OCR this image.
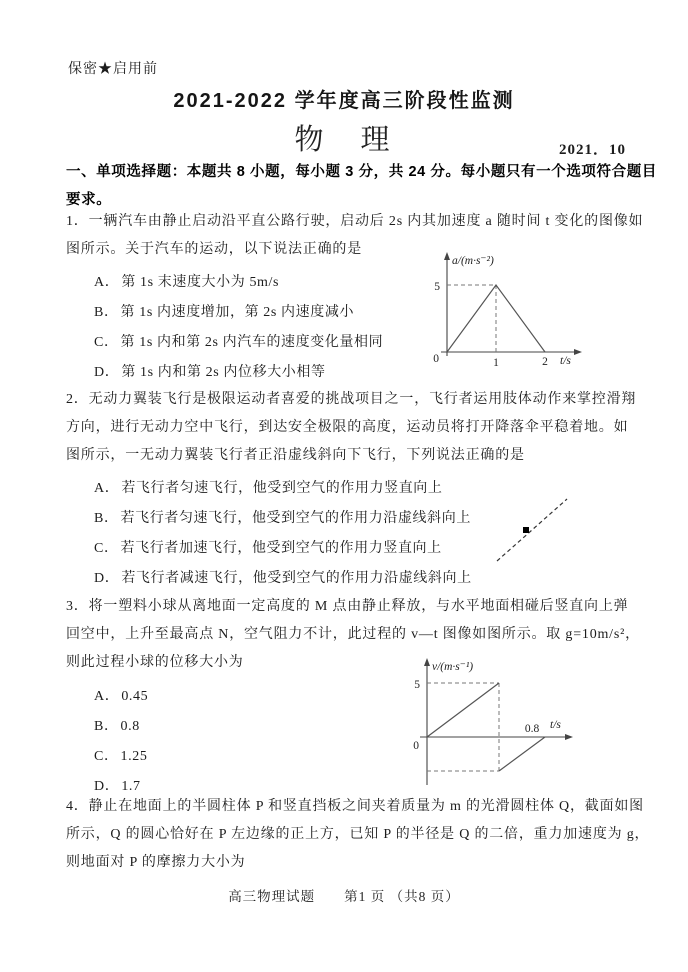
保密★启用前
2021-2022 学年度高三阶段性监测
物　理	2021．10
一、单项选择题：本题共 8 小题，每小题 3 分，共 24 分。每小题只有一个选项符合题目
要求。
1．一辆汽车由静止启动沿平直公路行驶，启动后 2s 内其加速度 a 随时间 t 变化的图像如
图所示。关于汽车的运动，以下说法正确的是
A． 第 1s 末速度大小为 5m/s
B． 第 1s 内速度增加，第 2s 内速度减小
C． 第 1s 内和第 2s 内汽车的速度变化量相同
D． 第 1s 内和第 2s 内位移大小相等
a/(m·s⁻²)
5
0	1	2 t/s
2．无动力翼装飞行是极限运动者喜爱的挑战项目之一，飞行者运用肢体动作来掌控滑翔
方向，进行无动力空中飞行，到达安全极限的高度，运动员将打开降落伞平稳着地。如
图所示，一无动力翼装飞行者正沿虚线斜向下飞行，下列说法正确的是
A． 若飞行者匀速飞行，他受到空气的作用力竖直向上
B． 若飞行者匀速飞行，他受到空气的作用力沿虚线斜向上
C． 若飞行者加速飞行，他受到空气的作用力竖直向上
D． 若飞行者减速飞行，他受到空气的作用力沿虚线斜向上
3．将一塑料小球从离地面一定高度的 M 点由静止释放，与水平地面相碰后竖直向上弹
回空中，上升至最高点 N，空气阻力不计，此过程的 v—t 图像如图所示。取 g=10m/s²，
则此过程小球的位移大小为
A． 0.45
B． 0.8
C． 1.25
D． 1.7
v/(m·s⁻¹)
5
0
0.8 t/s
4．静止在地面上的半圆柱体 P 和竖直挡板之间夹着质量为 m 的光滑圆柱体 Q，截面如图
所示，Q 的圆心恰好在 P 左边缘的正上方，已知 P 的半径是 Q 的二倍，重力加速度为 g，
则地面对 P 的摩擦力大小为
高三物理试题　　第1 页 （共8 页）
